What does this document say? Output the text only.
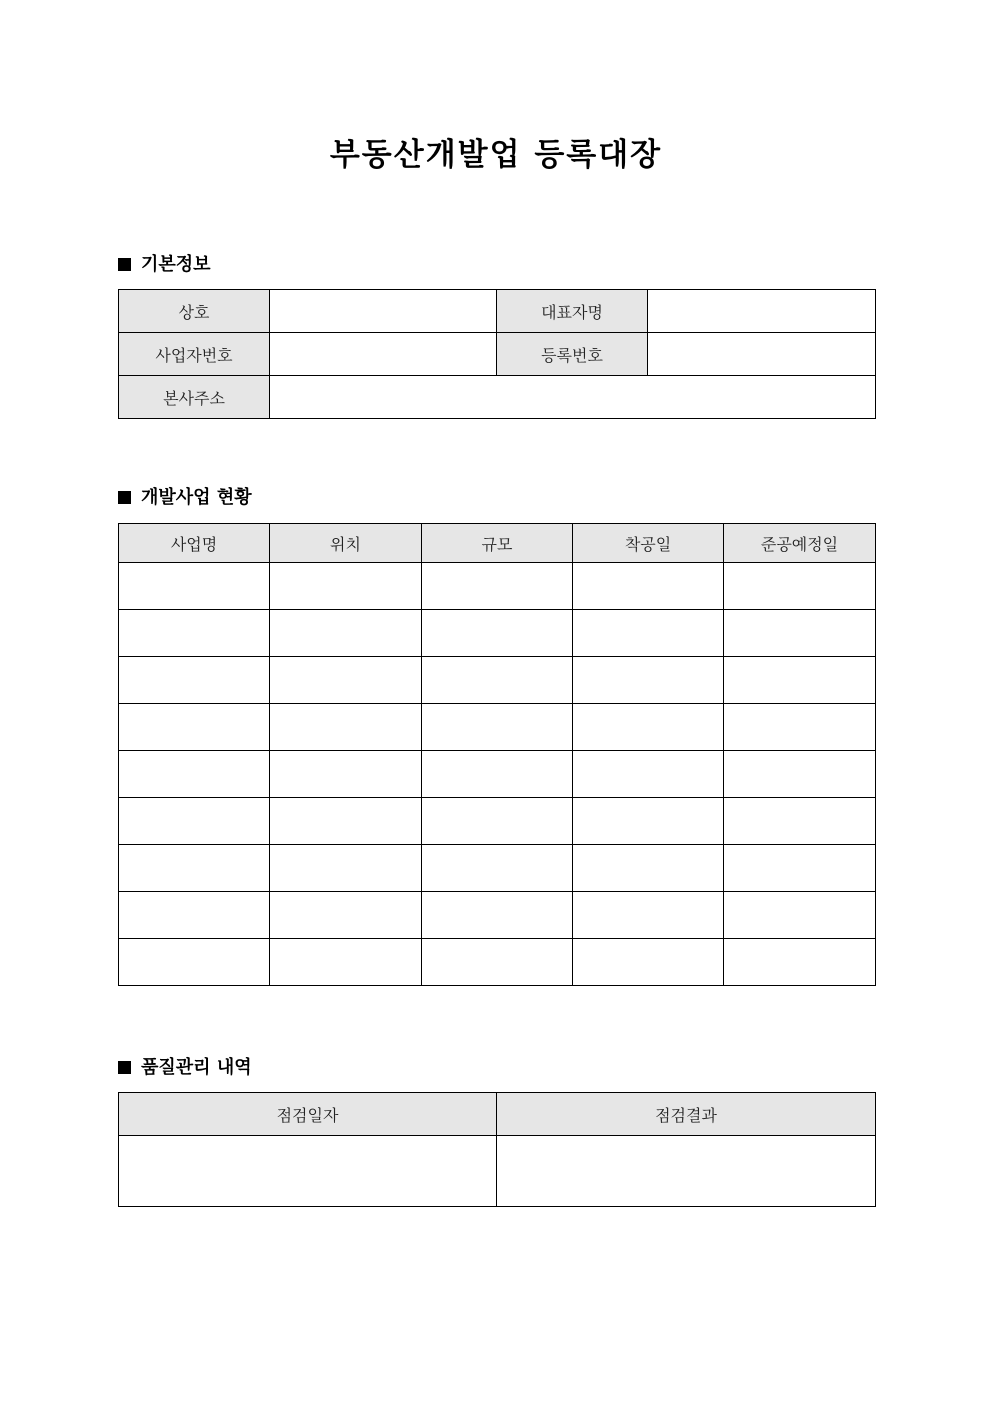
부동산개발업 등록대장
기본정보
상호		대표자명	
사업자번호		등록번호	
본사주소			
개발사업 현황
사업명	위치	규모	착공일	준공예정일

품질관리 내역
점검일자	점검결과
